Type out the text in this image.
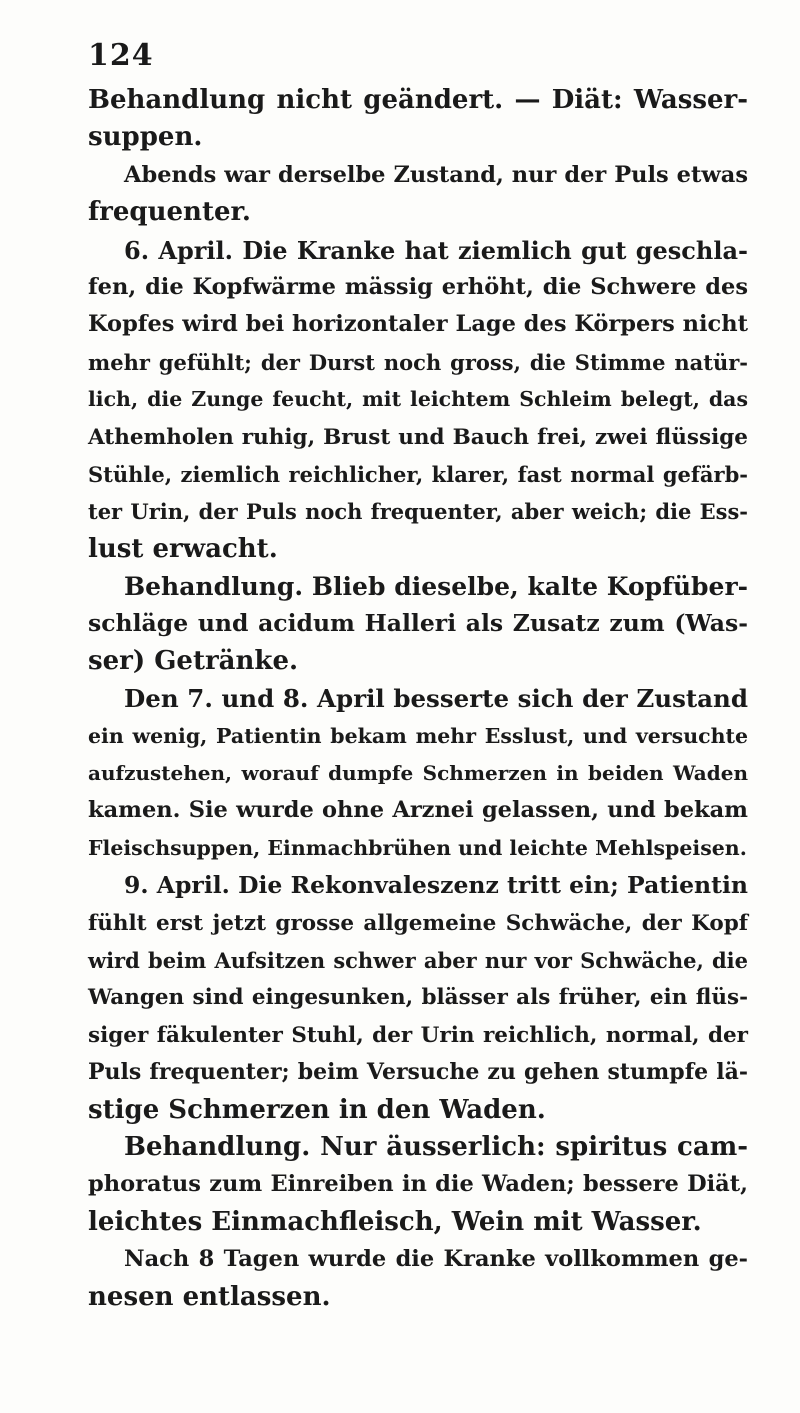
124
Behandlung nicht geändert. — Diät: Wasser-
suppen.
Abends war derselbe Zustand, nur der Puls etwas
frequenter.
6. April. Die Kranke hat ziemlich gut geschla-
fen, die Kopfwärme mässig erhöht, die Schwere des
Kopfes wird bei horizontaler Lage des Körpers nicht
mehr gefühlt; der Durst noch gross, die Stimme natür-
lich, die Zunge feucht, mit leichtem Schleim belegt, das
Athemholen ruhig, Brust und Bauch frei, zwei flüssige
Stühle, ziemlich reichlicher, klarer, fast normal gefärb-
ter Urin, der Puls noch frequenter, aber weich; die Ess-
lust erwacht.
Behandlung. Blieb dieselbe, kalte Kopfüber-
schläge und acidum Halleri als Zusatz zum (Was-
ser) Getränke.
Den 7. und 8. April besserte sich der Zustand
ein wenig, Patientin bekam mehr Esslust, und versuchte
aufzustehen, worauf dumpfe Schmerzen in beiden Waden
kamen. Sie wurde ohne Arznei gelassen, und bekam
Fleischsuppen, Einmachbrühen und leichte Mehlspeisen.
9. April. Die Rekonvaleszenz tritt ein; Patientin
fühlt erst jetzt grosse allgemeine Schwäche, der Kopf
wird beim Aufsitzen schwer aber nur vor Schwäche, die
Wangen sind eingesunken, blässer als früher, ein flüs-
siger fäkulenter Stuhl, der Urin reichlich, normal, der
Puls frequenter; beim Versuche zu gehen stumpfe lä-
stige Schmerzen in den Waden.
Behandlung. Nur äusserlich: spiritus cam-
phoratus zum Einreiben in die Waden; bessere Diät,
leichtes Einmachfleisch, Wein mit Wasser.
Nach 8 Tagen wurde die Kranke vollkommen ge-
nesen entlassen.
